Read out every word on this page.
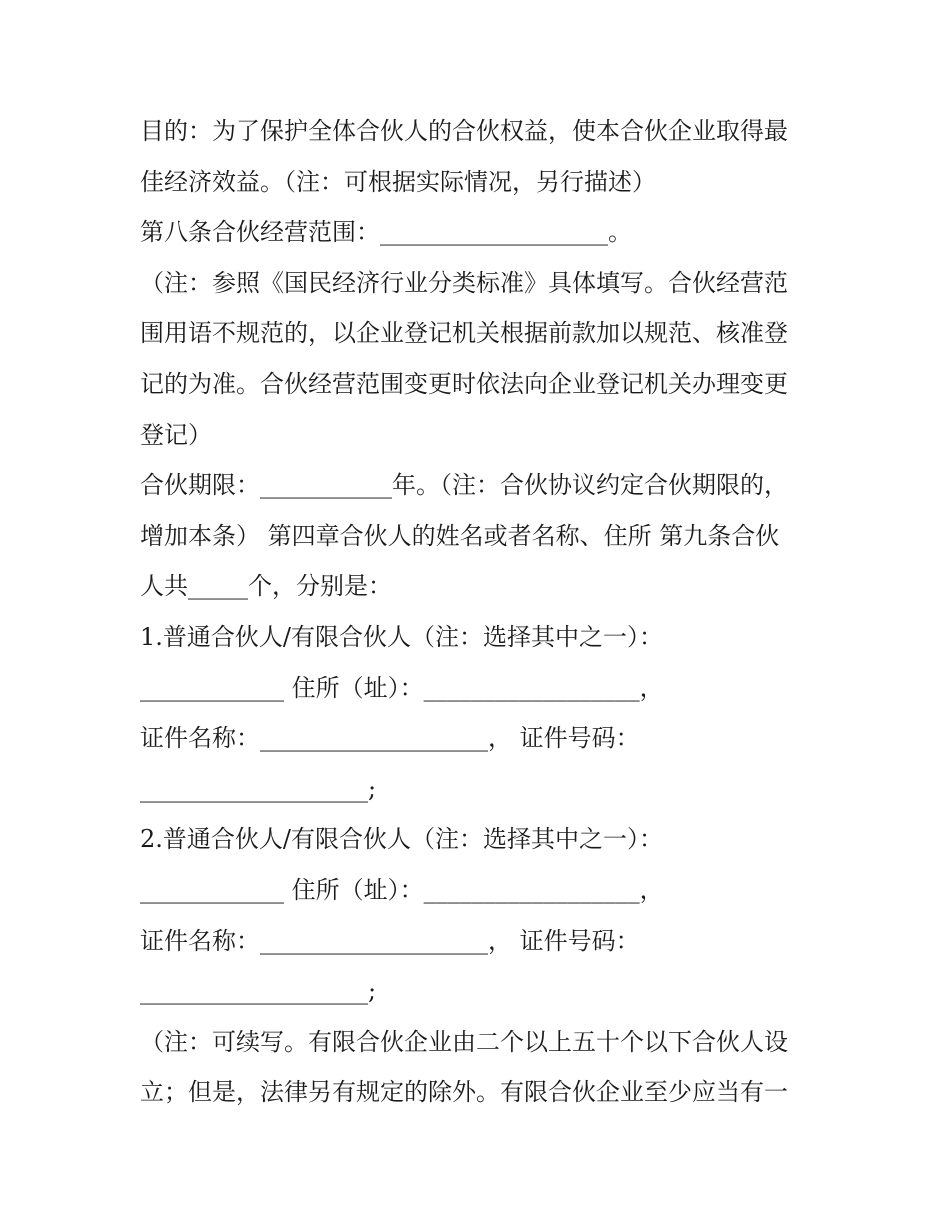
目的：为了保护全体合伙人的合伙权益，使本合伙企业取得最
佳经济效益。（注：可根据实际情况，另行描述）
第八条合伙经营范围：___________________。
（注：参照《国民经济行业分类标准》具体填写。合伙经营范
围用语不规范的，以企业登记机关根据前款加以规范、核准登
记的为准。合伙经营范围变更时依法向企业登记机关办理变更
登记）
合伙期限：___________年。（注：合伙协议约定合伙期限的，
增加本条） 第四章合伙人的姓名或者名称、住所 第九条合伙
人共_____个，分别是：
1.普通合伙人/有限合伙人（注：选择其中之一）：
____________ 住所（址）：__________________，
证件名称：___________________， 证件号码：
___________________;
2.普通合伙人/有限合伙人（注：选择其中之一）：
____________ 住所（址）：__________________，
证件名称：___________________， 证件号码：
___________________;
（注：可续写。有限合伙企业由二个以上五十个以下合伙人设
立；但是，法律另有规定的除外。有限合伙企业至少应当有一
